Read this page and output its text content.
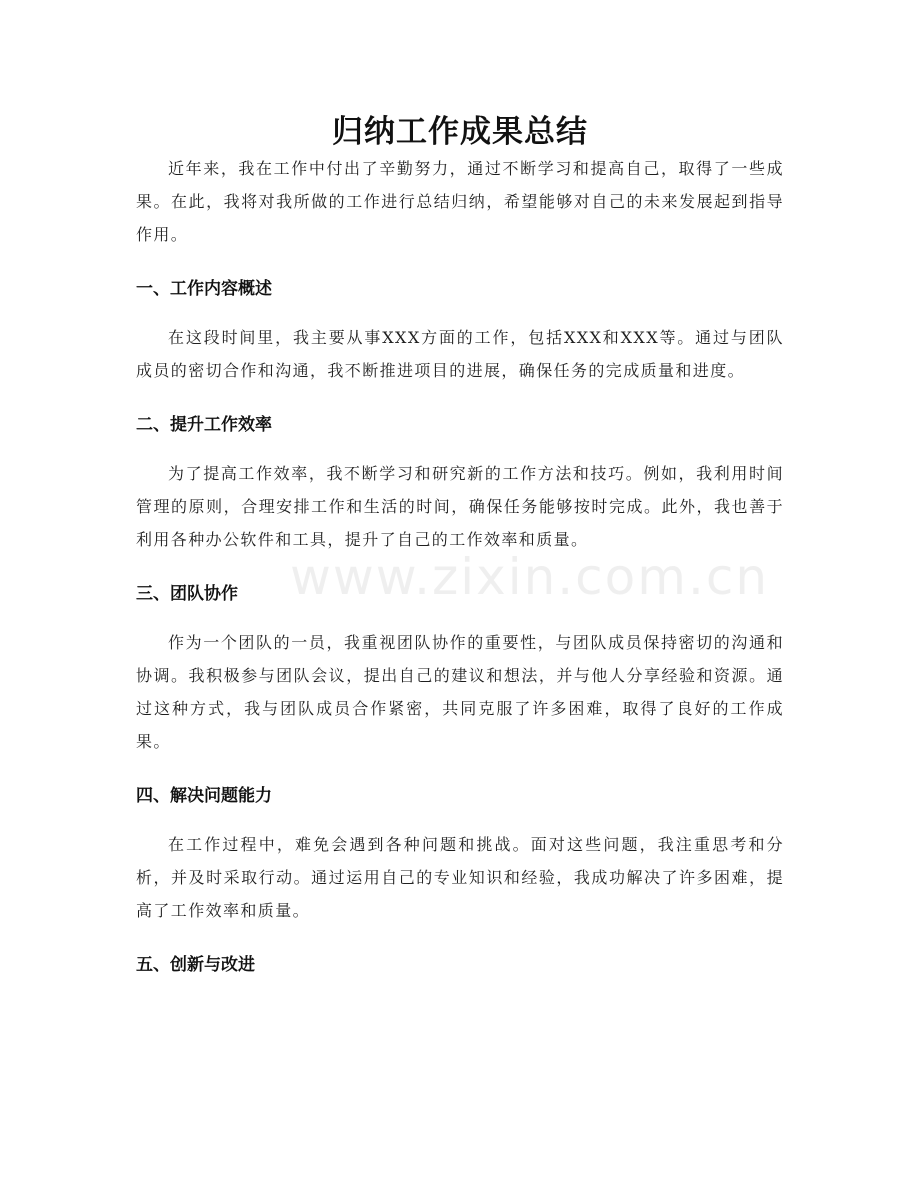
归纳工作成果总结

近年来，我在工作中付出了辛勤努力，通过不断学习和提高自己，取得了一些成果。在此，我将对我所做的工作进行总结归纳，希望能够对自己的未来发展起到指导作用。

一、工作内容概述

在这段时间里，我主要从事XXX方面的工作，包括XXX和XXX等。通过与团队成员的密切合作和沟通，我不断推进项目的进展，确保任务的完成质量和进度。

二、提升工作效率

为了提高工作效率，我不断学习和研究新的工作方法和技巧。例如，我利用时间管理的原则，合理安排工作和生活的时间，确保任务能够按时完成。此外，我也善于利用各种办公软件和工具，提升了自己的工作效率和质量。

三、团队协作

作为一个团队的一员，我重视团队协作的重要性，与团队成员保持密切的沟通和协调。我积极参与团队会议，提出自己的建议和想法，并与他人分享经验和资源。通过这种方式，我与团队成员合作紧密，共同克服了许多困难，取得了良好的工作成果。

四、解决问题能力

在工作过程中，难免会遇到各种问题和挑战。面对这些问题，我注重思考和分析，并及时采取行动。通过运用自己的专业知识和经验，我成功解决了许多困难，提高了工作效率和质量。

五、创新与改进
www.zixin.com.cn
